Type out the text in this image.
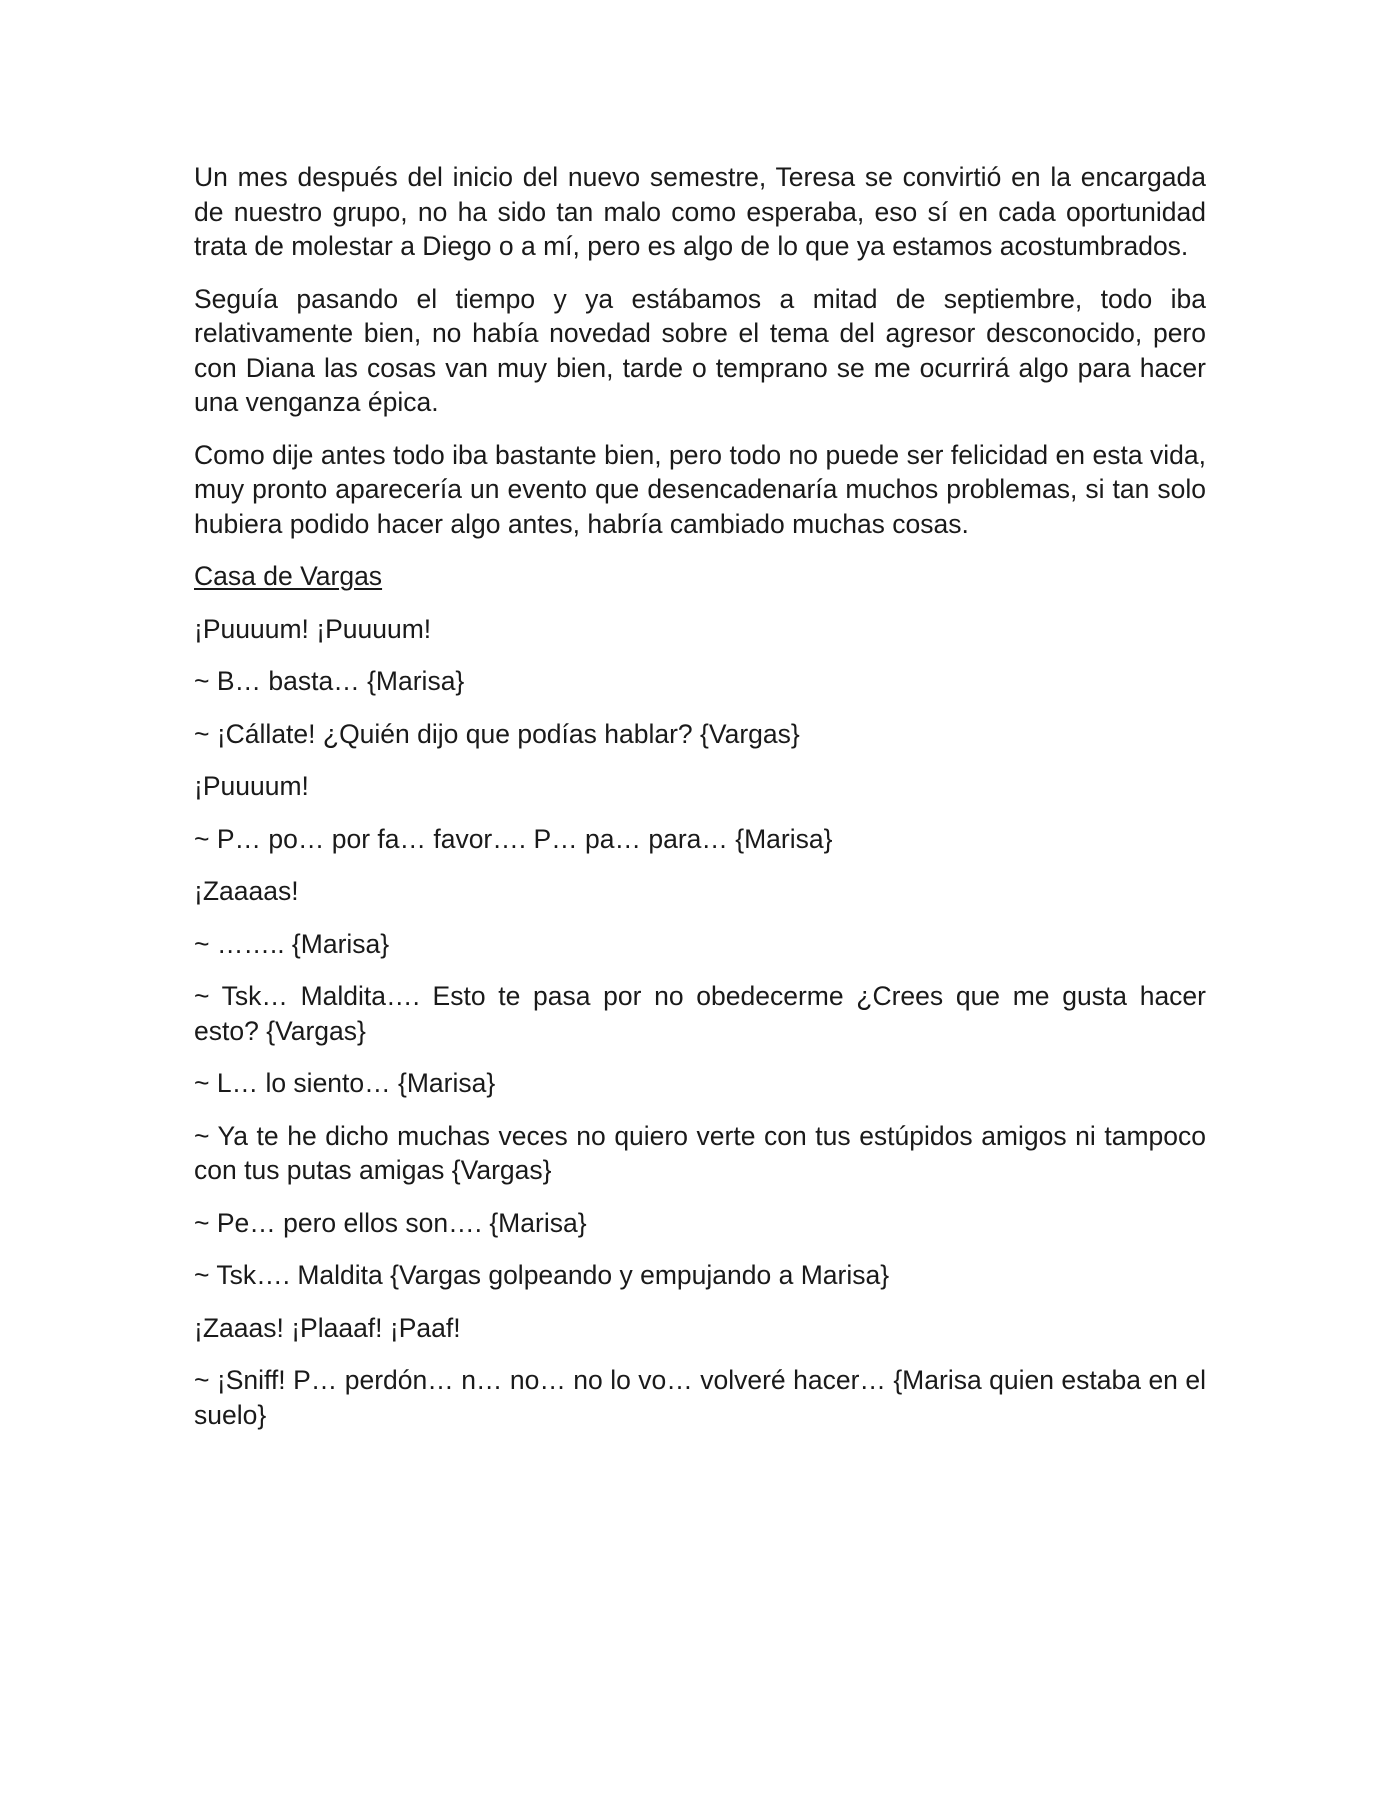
Un mes después del inicio del nuevo semestre, Teresa se convirtió en la encargada de nuestro grupo, no ha sido tan malo como esperaba, eso sí en cada oportunidad trata de molestar a Diego o a mí, pero es algo de lo que ya estamos acostumbrados.

Seguía pasando el tiempo y ya estábamos a mitad de septiembre, todo iba relativamente bien, no había novedad sobre el tema del agresor desconocido, pero con Diana las cosas van muy bien, tarde o temprano se me ocurrirá algo para hacer una venganza épica.

Como dije antes todo iba bastante bien, pero todo no puede ser felicidad en esta vida, muy pronto aparecería un evento que desencadenaría muchos problemas, si tan solo hubiera podido hacer algo antes, habría cambiado muchas cosas.

Casa de Vargas

¡Puuuum! ¡Puuuum!

~ B… basta… {Marisa}

~ ¡Cállate! ¿Quién dijo que podías hablar? {Vargas}

¡Puuuum!

~ P… po… por fa… favor…. P… pa… para… {Marisa}

¡Zaaaas!

~ …….. {Marisa}

~ Tsk… Maldita…. Esto te pasa por no obedecerme ¿Crees que me gusta hacer esto? {Vargas}

~ L… lo siento… {Marisa}

~ Ya te he dicho muchas veces no quiero verte con tus estúpidos amigos ni tampoco con tus putas amigas {Vargas}

~ Pe… pero ellos son…. {Marisa}

~ Tsk…. Maldita {Vargas golpeando y empujando a Marisa}

¡Zaaas! ¡Plaaaf! ¡Paaf!

~ ¡Sniff! P… perdón… n… no… no lo vo… volveré hacer… {Marisa quien estaba en el suelo}
